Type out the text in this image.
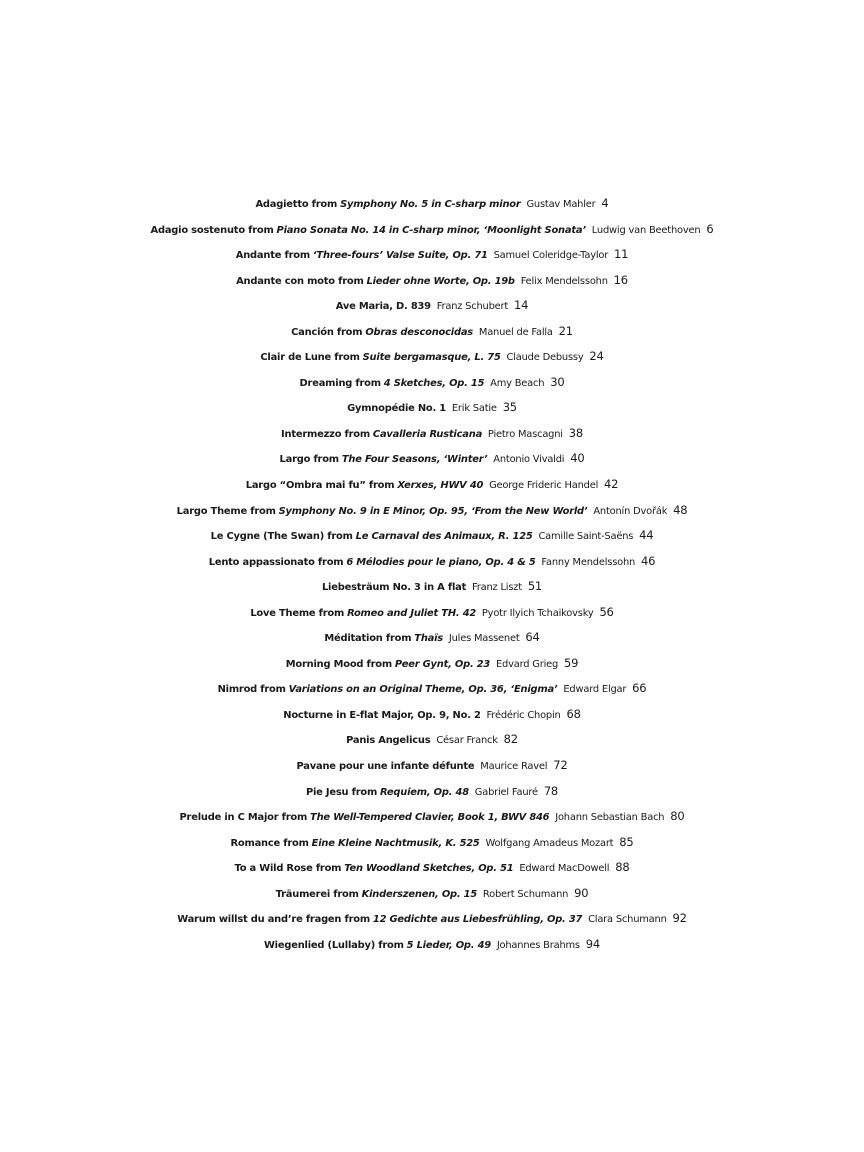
Adagietto from Symphony No. 5 in C-sharp minor Gustav Mahler 4
Adagio sostenuto from Piano Sonata No. 14 in C-sharp minor, ‘Moonlight Sonata’ Ludwig van Beethoven 6
Andante from ‘Three-fours’ Valse Suite, Op. 71 Samuel Coleridge-Taylor 11
Andante con moto from Lieder ohne Worte, Op. 19b Felix Mendelssohn 16
Ave Maria, D. 839 Franz Schubert 14
Canción from Obras desconocidas Manuel de Falla 21
Clair de Lune from Suite bergamasque, L. 75 Claude Debussy 24
Dreaming from 4 Sketches, Op. 15 Amy Beach 30
Gymnopédie No. 1 Erik Satie 35
Intermezzo from Cavalleria Rusticana Pietro Mascagni 38
Largo from The Four Seasons, ‘Winter’ Antonio Vivaldi 40
Largo “Ombra mai fu” from Xerxes, HWV 40 George Frideric Handel 42
Largo Theme from Symphony No. 9 in E Minor, Op. 95, ‘From the New World’ Antonín Dvořák 48
Le Cygne (The Swan) from Le Carnaval des Animaux, R. 125 Camille Saint-Saëns 44
Lento appassionato from 6 Mélodies pour le piano, Op. 4 & 5 Fanny Mendelssohn 46
Liebesträum No. 3 in A flat Franz Liszt 51
Love Theme from Romeo and Juliet TH. 42 Pyotr Ilyich Tchaikovsky 56
Méditation from Thaïs Jules Massenet 64
Morning Mood from Peer Gynt, Op. 23 Edvard Grieg 59
Nimrod from Variations on an Original Theme, Op. 36, ‘Enigma’ Edward Elgar 66
Nocturne in E-flat Major, Op. 9, No. 2 Frédéric Chopin 68
Panis Angelicus César Franck 82
Pavane pour une infante défunte Maurice Ravel 72
Pie Jesu from Requiem, Op. 48 Gabriel Fauré 78
Prelude in C Major from The Well-Tempered Clavier, Book 1, BWV 846 Johann Sebastian Bach 80
Romance from Eine Kleine Nachtmusik, K. 525 Wolfgang Amadeus Mozart 85
To a Wild Rose from Ten Woodland Sketches, Op. 51 Edward MacDowell 88
Träumerei from Kinderszenen, Op. 15 Robert Schumann 90
Warum willst du and’re fragen from 12 Gedichte aus Liebesfrühling, Op. 37 Clara Schumann 92
Wiegenlied (Lullaby) from 5 Lieder, Op. 49 Johannes Brahms 94
